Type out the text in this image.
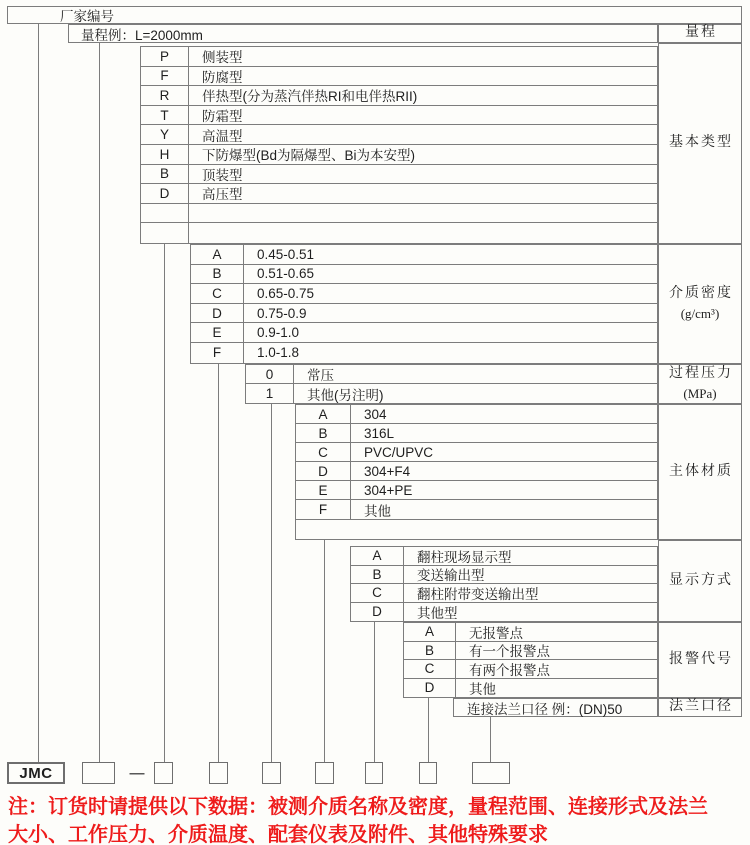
厂家编号
量程例：L=2000mm	量程
P	侧装型
F	防腐型
R	伴热型(分为蒸汽伴热RI和电伴热RII)
T	防霜型
Y	高温型
H	下防爆型(Bd为隔爆型、Bi为本安型)
B	顶装型
D	高压型
基本类型
A	0.45-0.51
B	0.51-0.65
C	0.65-0.75
D	0.75-0.9
E	0.9-1.0
F	1.0-1.8
介质密度
(g/cm³)
0	常压
1	其他(另注明)
过程压力
(MPa)
A	304
B	316L
C	PVC/UPVC
D	304+F4
E	304+PE
F	其他
主体材质
A	翻柱现场显示型
B	变送输出型
C	翻柱附带变送输出型
D	其他型
显示方式
A	无报警点
B	有一个报警点
C	有两个报警点
D	其他
报警代号
连接法兰口径 例：(DN)50	法兰口径
JMC	—
注：订货时请提供以下数据：被测介质名称及密度，量程范围、连接形式及法兰
大小、工作压力、介质温度、配套仪表及附件、其他特殊要求
